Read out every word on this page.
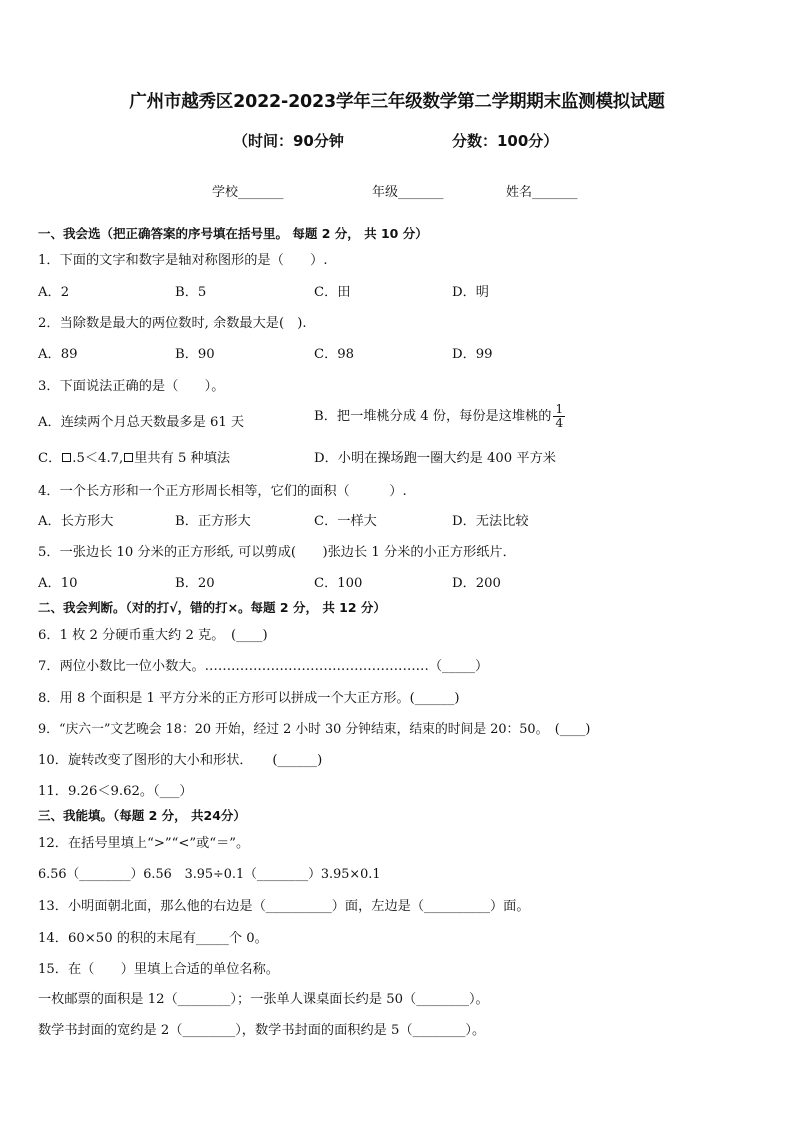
广州市越秀区2022-2023学年三年级数学第二学期期末监测模拟试题
（时间：90分钟	分数：100分）
学校_______	年级_______	姓名_______
一、我会选（把正确答案的序号填在括号里。 每题 2 分， 共 10 分）
1．下面的文字和数字是轴对称图形的是（　　）.
A．2	B．5	C．田	D．明
2．当除数是最大的两位数时, 余数最大是(　).
A．89	B．90	C．98	D．99
3．下面说法正确的是（　　）。
A．连续两个月总天数最多是 61 天	B．把一堆桃分成 4 份，每份是这堆桃的 $\frac{1}{4}$
C． .5＜4.7, 里共有 5 种填法	D．小明在操场跑一圈大约是 400 平方米
4．一个长方形和一个正方形周长相等，它们的面积（　　　）.
A．长方形大	B．正方形大	C．一样大	D．无法比较
5．一张边长 10 分米的正方形纸, 可以剪成(　　)张边长 1 分米的小正方形纸片．
A．10	B．20	C．100	D．200
二、我会判断。（对的打√，错的打×。每题 2 分， 共 12 分）
6．1 枚 2 分硬币重大约 2 克。　(____)
7．两位小数比一位小数大。……………………………………………（_____）
8．用 8 个面积是 1 平方分米的正方形可以拼成一个大正方形。(______)
9．“庆六一”文艺晚会 18：20 开始，经过 2 小时 30 分钟结束，结束的时间是 20：50。　(____)
10．旋转改变了图形的大小和形状．　　(______)
11．9.26＜9.62。（___）
三、我能填。（每题 2 分， 共24分）
12．在括号里填上“>”“<”或“＝”。
6.56（________）6.56　3.95÷0.1（________）3.95×0.1
13．小明面朝北面，那么他的右边是（__________）面，左边是（__________）面。
14．60×50 的积的末尾有_____个 0。
15．在（　　）里填上合适的单位名称。
一枚邮票的面积是 12（________）；一张单人课桌面长约是 50（________）。
数学书封面的宽约是 2（________），数学书封面的面积约是 5（________）。
